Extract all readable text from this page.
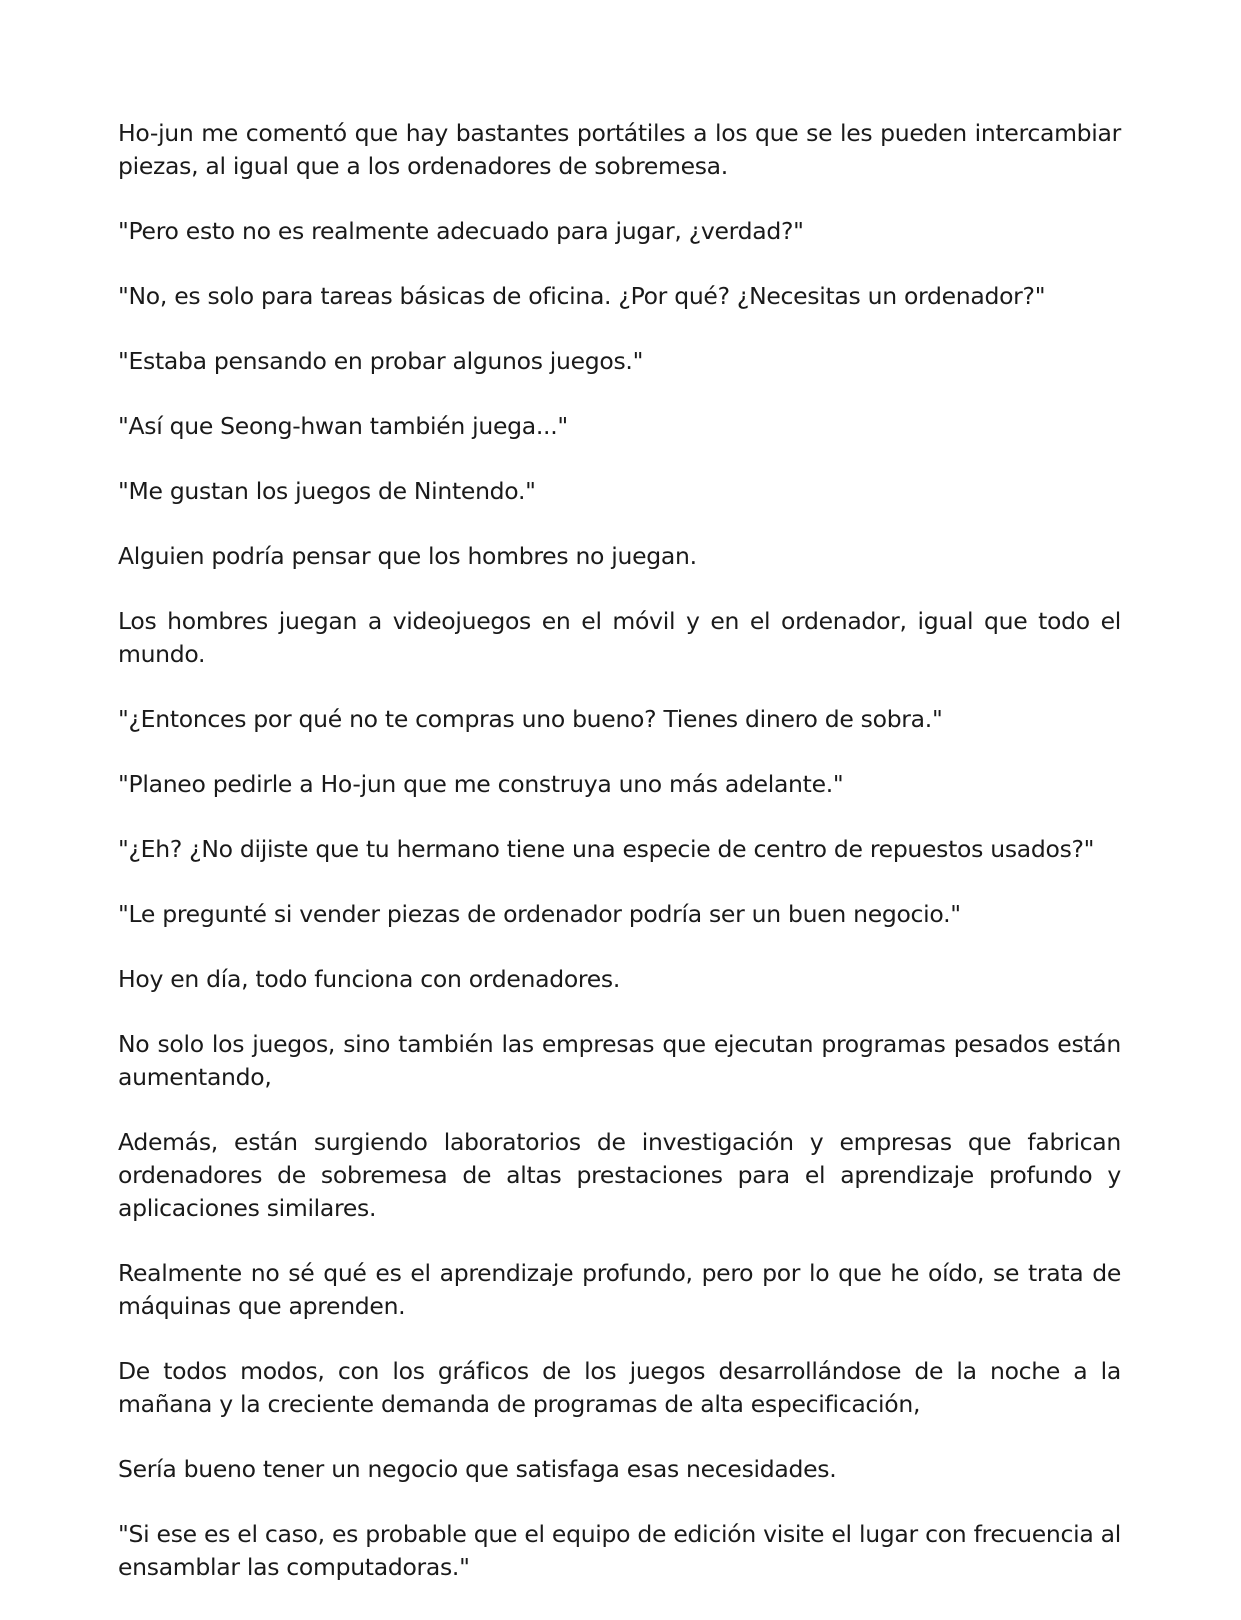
Ho-jun me comentó que hay bastantes portátiles a los que se les pueden intercambiar piezas, al igual que a los ordenadores de sobremesa.

"Pero esto no es realmente adecuado para jugar, ¿verdad?"

"No, es solo para tareas básicas de oficina. ¿Por qué? ¿Necesitas un ordenador?"

"Estaba pensando en probar algunos juegos."

"Así que Seong-hwan también juega..."

"Me gustan los juegos de Nintendo."

Alguien podría pensar que los hombres no juegan.

Los hombres juegan a videojuegos en el móvil y en el ordenador, igual que todo el mundo.

"¿Entonces por qué no te compras uno bueno? Tienes dinero de sobra."

"Planeo pedirle a Ho-jun que me construya uno más adelante."

"¿Eh? ¿No dijiste que tu hermano tiene una especie de centro de repuestos usados?"

"Le pregunté si vender piezas de ordenador podría ser un buen negocio."

Hoy en día, todo funciona con ordenadores.

No solo los juegos, sino también las empresas que ejecutan programas pesados están aumentando,

Además, están surgiendo laboratorios de investigación y empresas que fabrican ordenadores de sobremesa de altas prestaciones para el aprendizaje profundo y aplicaciones similares.

Realmente no sé qué es el aprendizaje profundo, pero por lo que he oído, se trata de máquinas que aprenden.

De todos modos, con los gráficos de los juegos desarrollándose de la noche a la mañana y la creciente demanda de programas de alta especificación,

Sería bueno tener un negocio que satisfaga esas necesidades.

"Si ese es el caso, es probable que el equipo de edición visite el lugar con frecuencia al ensamblar las computadoras."
